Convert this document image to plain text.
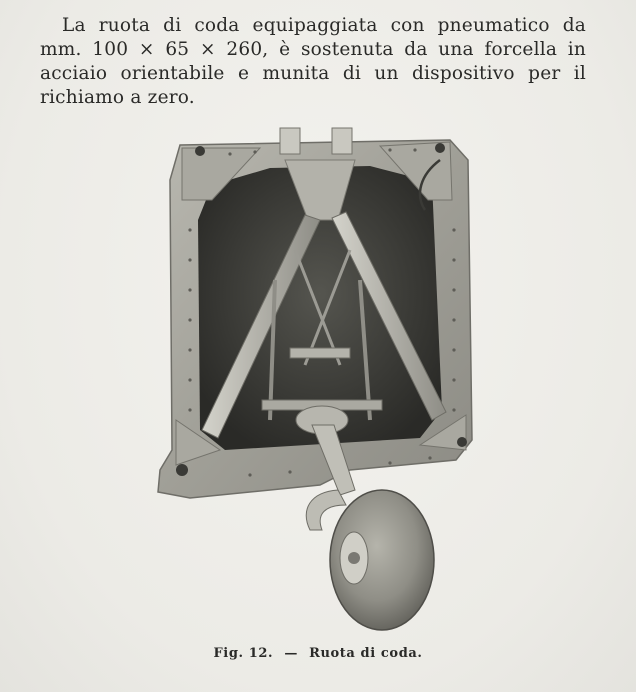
La ruota di coda equipaggiata con pneumatico da
mm. 100 × 65 × 260, è sostenuta da una forcella in
acciaio orientabile e munita di un dispositivo per il
richiamo a zero.
Fig. 12. — Ruota di coda.
